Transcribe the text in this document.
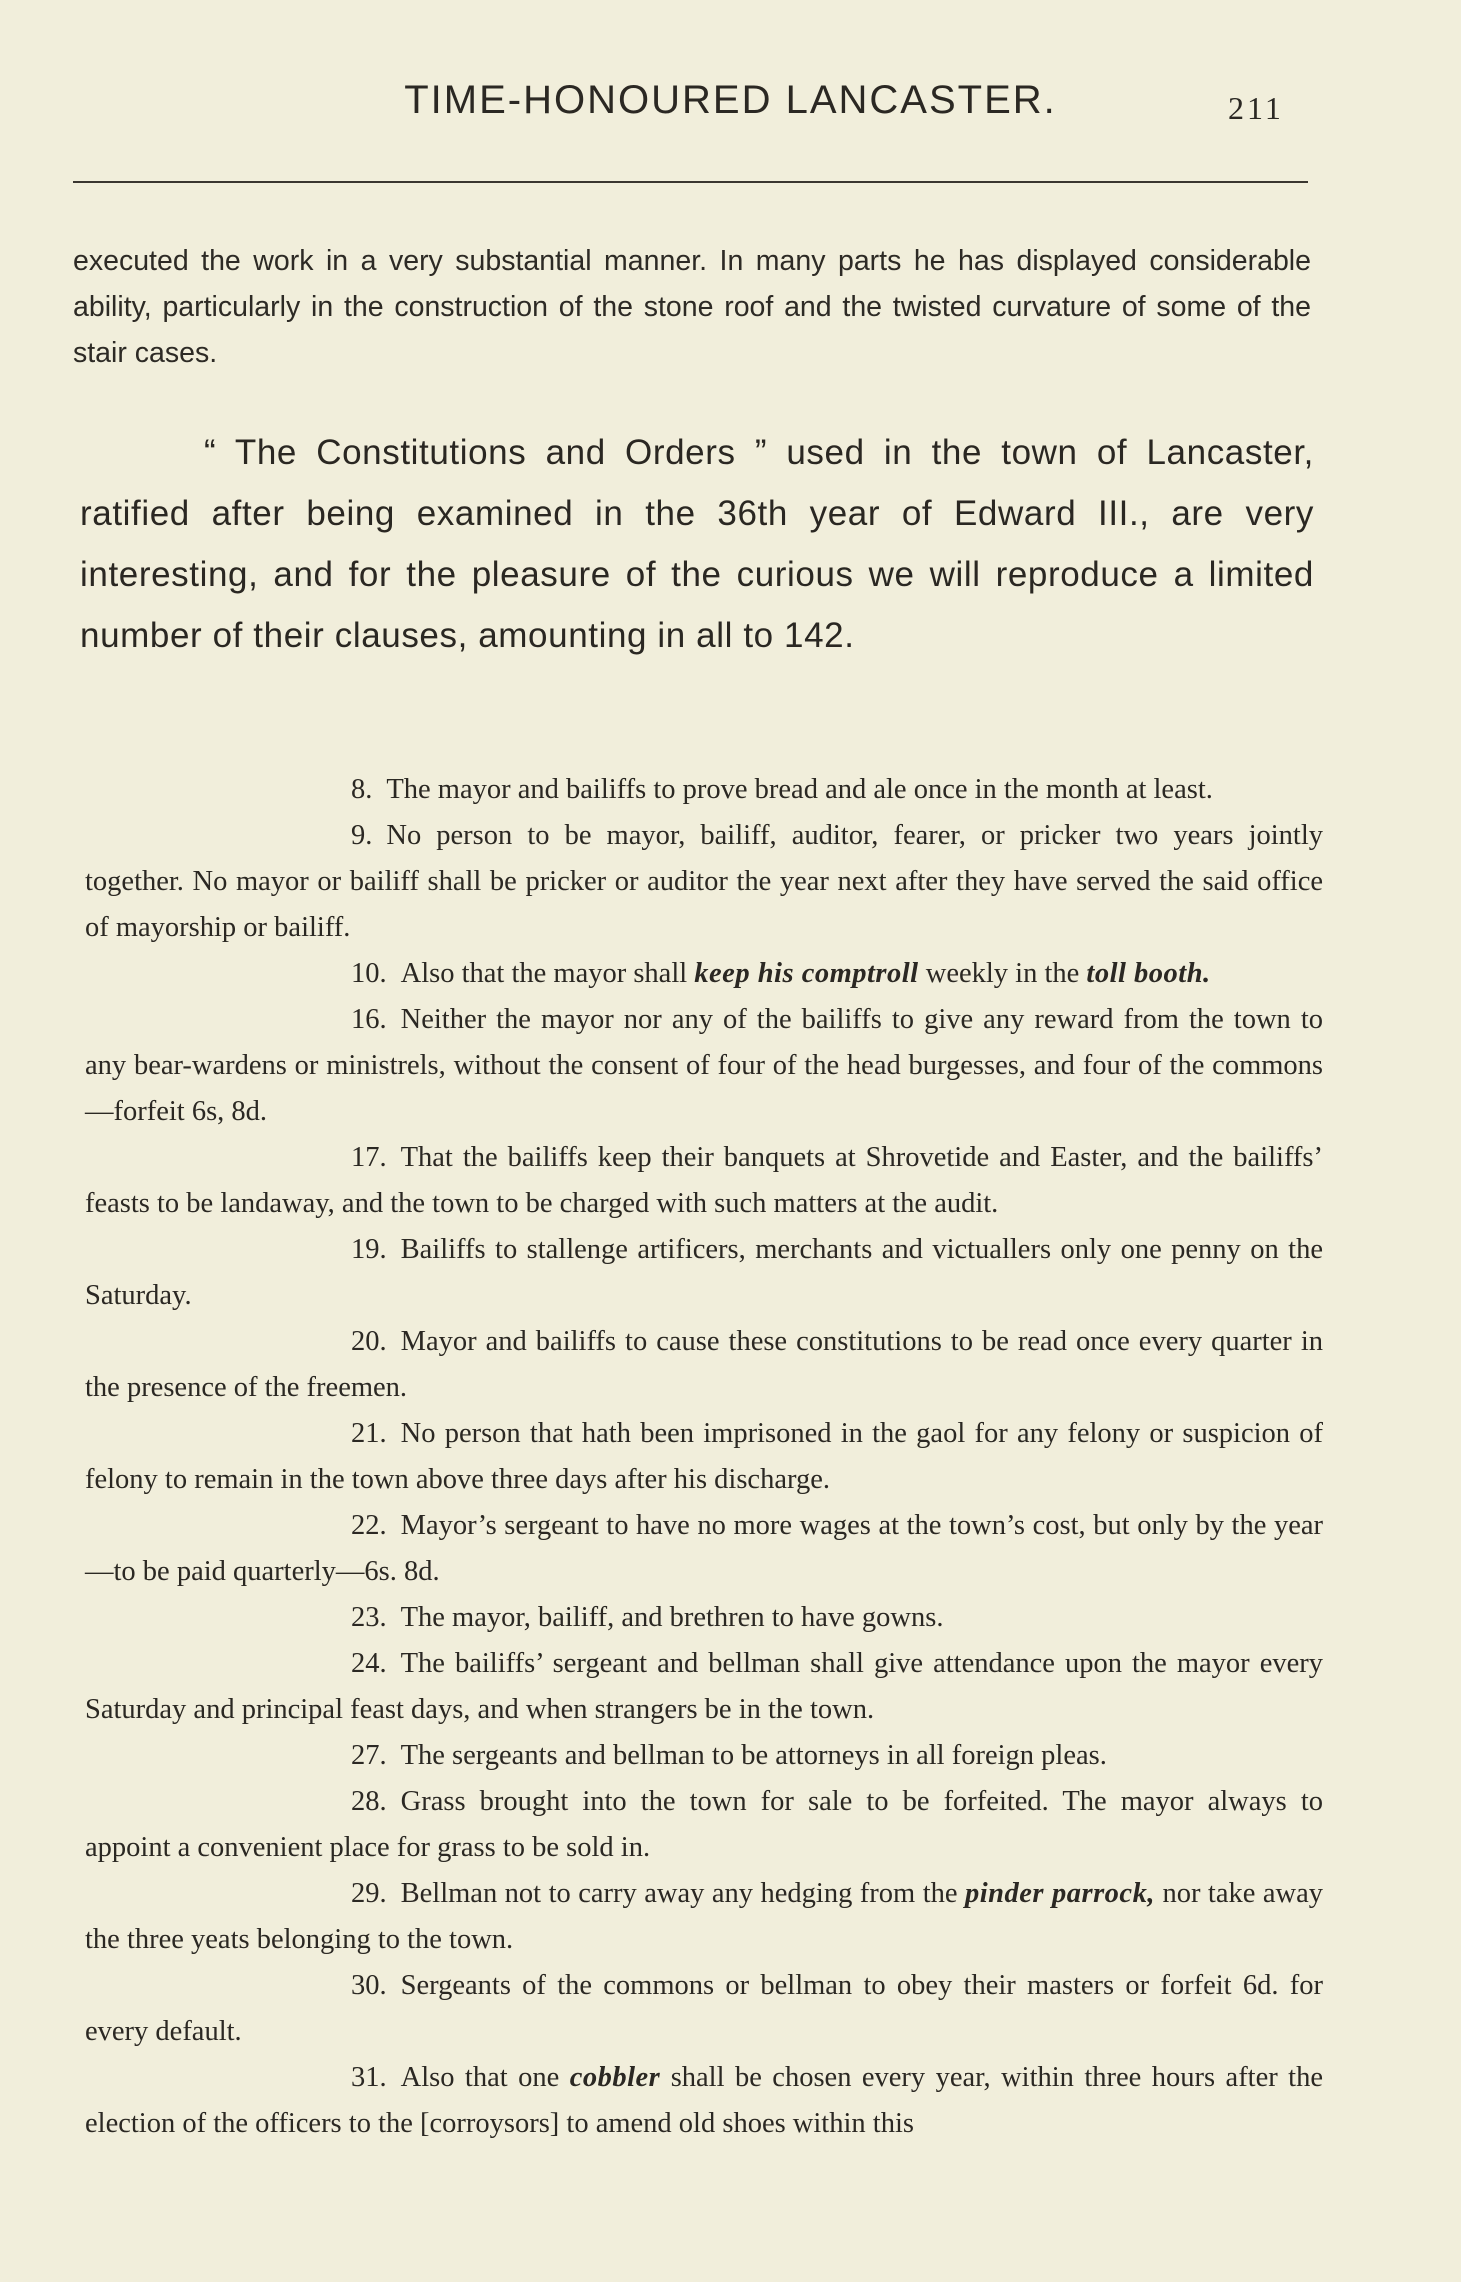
TIME-HONOURED LANCASTER.	211
executed the work in a very substantial manner. In many parts he has displayed considerable ability, particularly in the construction of the stone roof and the twisted curvature of some of the stair cases.
“ The Constitutions and Orders ” used in the town of Lancaster, ratified after being examined in the 36th year of Edward III., are very interesting, and for the pleasure of the curious we will reproduce a limited number of their clauses, amounting in all to 142.

8. The mayor and bailiffs to prove bread and ale once in the month at least.

9. No person to be mayor, bailiff, auditor, fearer, or pricker two years jointly together. No mayor or bailiff shall be pricker or auditor the year next after they have served the said office of mayorship or bailiff.

10. Also that the mayor shall keep his comptroll weekly in the toll booth.

16. Neither the mayor nor any of the bailiffs to give any reward from the town to any bear-wardens or ministrels, without the consent of four of the head burgesses, and four of the commons—forfeit 6s, 8d.

17. That the bailiffs keep their banquets at Shrovetide and Easter, and the bailiffs’ feasts to be landaway, and the town to be charged with such matters at the audit.

19. Bailiffs to stallenge artificers, merchants and victuallers only one penny on the Saturday.

20. Mayor and bailiffs to cause these constitutions to be read once every quarter in the presence of the freemen.

21. No person that hath been imprisoned in the gaol for any felony or suspicion of felony to remain in the town above three days after his discharge.

22. Mayor’s sergeant to have no more wages at the town’s cost, but only by the year—to be paid quarterly—6s. 8d.

23. The mayor, bailiff, and brethren to have gowns.

24. The bailiffs’ sergeant and bellman shall give attendance upon the mayor every Saturday and principal feast days, and when strangers be in the town.

27. The sergeants and bellman to be attorneys in all foreign pleas.

28. Grass brought into the town for sale to be forfeited. The mayor always to appoint a convenient place for grass to be sold in.

29. Bellman not to carry away any hedging from the pinder parrock, nor take away the three yeats belonging to the town.

30. Sergeants of the commons or bellman to obey their masters or forfeit 6d. for every default.

31. Also that one cobbler shall be chosen every year, within three hours after the election of the officers to the [corroysors] to amend old shoes within this
